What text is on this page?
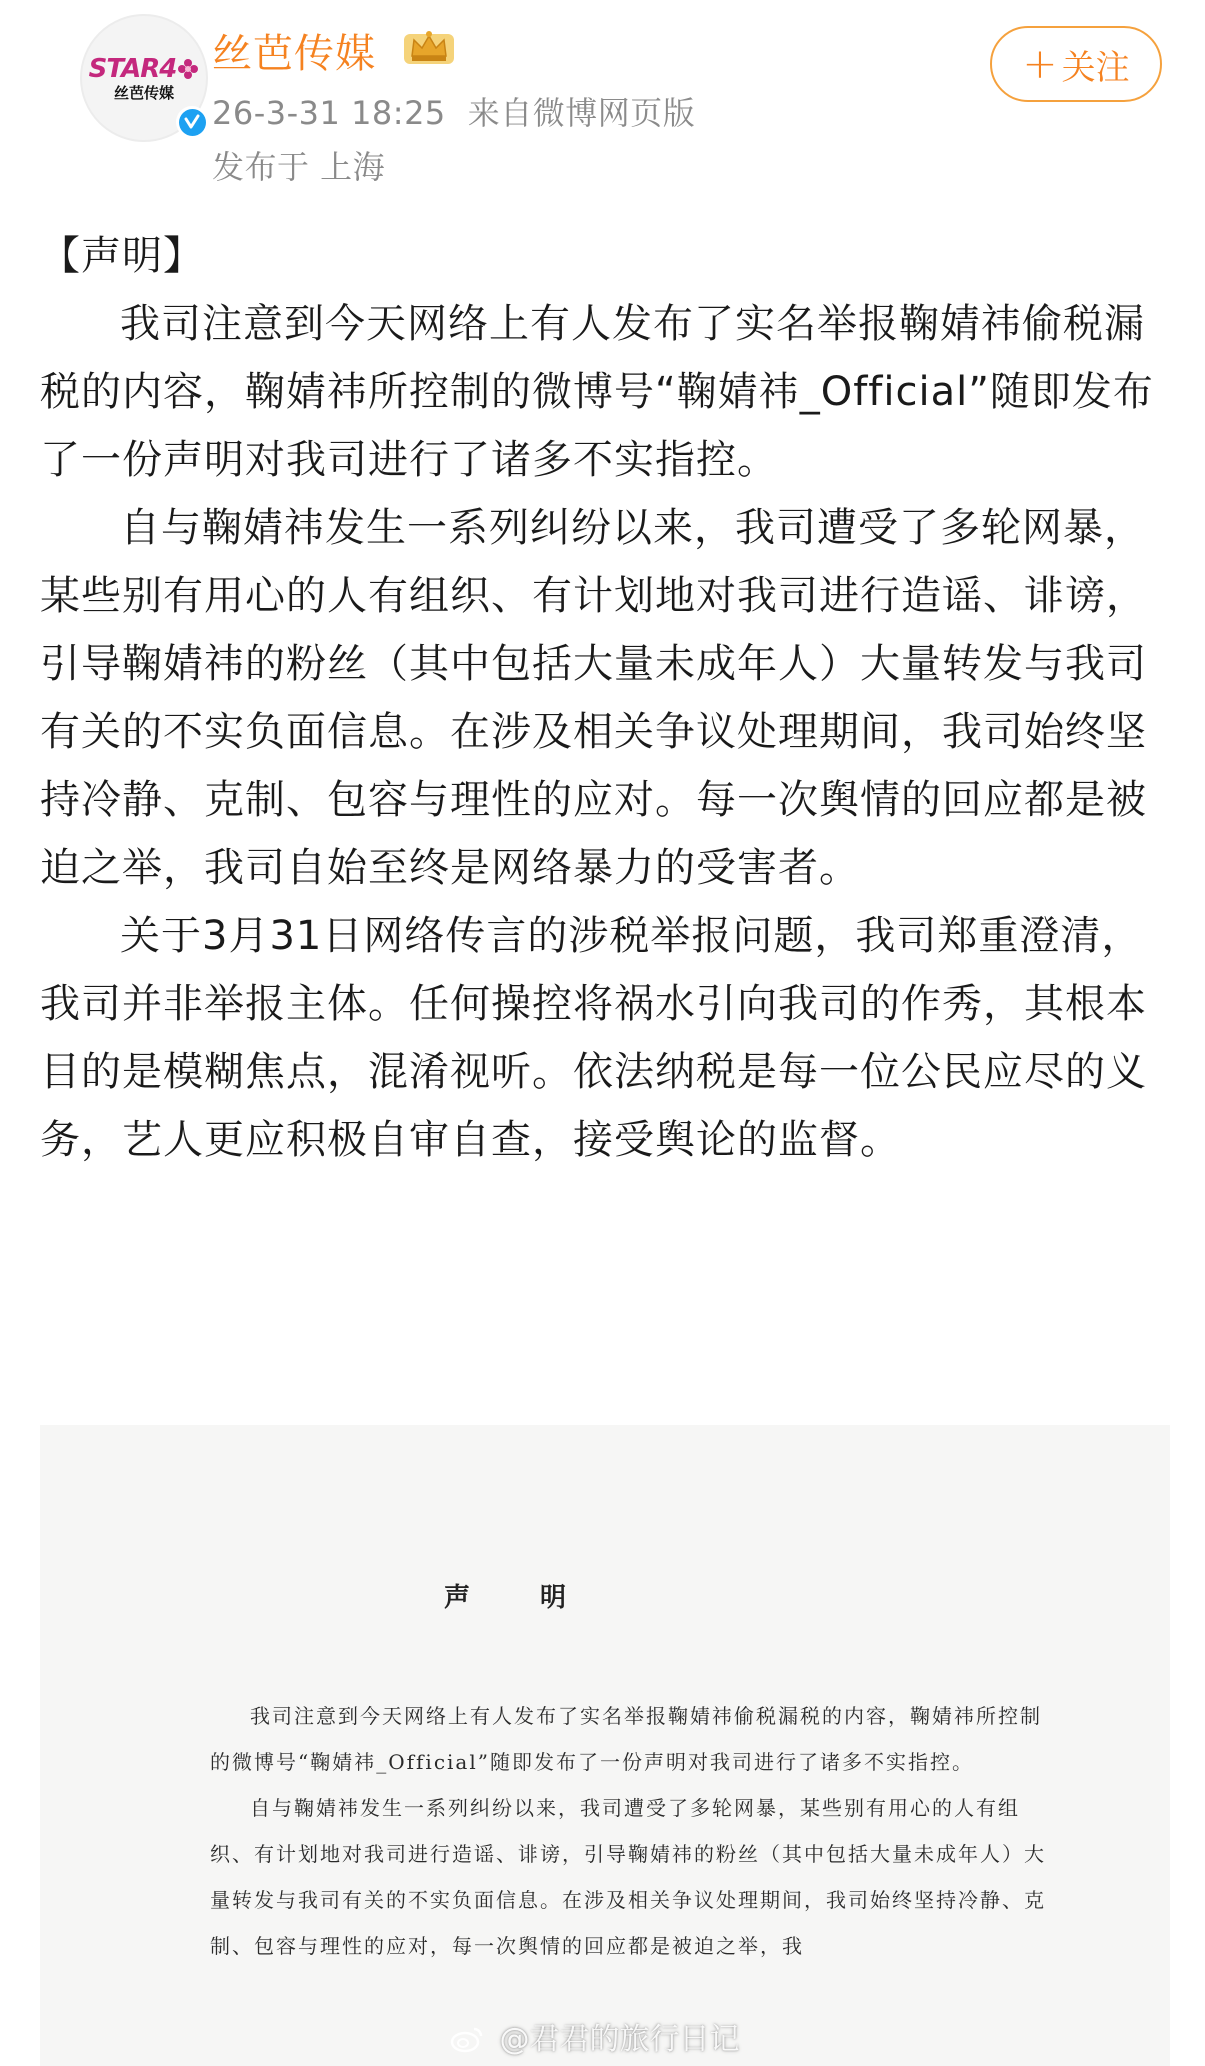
STAR4
丝芭传媒
丝芭传媒
26-3-31 18:25 来自微博网页版
发布于 上海
+ 关注

【声明】

我司注意到今天网络上有人发布了实名举报鞠婧祎偷税漏税的内容，鞠婧祎所控制的微博号“鞠婧祎_Official”随即发布了一份声明对我司进行了诸多不实指控。

自与鞠婧祎发生一系列纠纷以来，我司遭受了多轮网暴，某些别有用心的人有组织、有计划地对我司进行造谣、诽谤，引导鞠婧祎的粉丝（其中包括大量未成年人）大量转发与我司有关的不实负面信息。在涉及相关争议处理期间，我司始终坚持冷静、克制、包容与理性的应对。每一次舆情的回应都是被迫之举，我司自始至终是网络暴力的受害者。

关于3月31日网络传言的涉税举报问题，我司郑重澄清，我司并非举报主体。任何操控将祸水引向我司的作秀，其根本目的是模糊焦点，混淆视听。依法纳税是每一位公民应尽的义务，艺人更应积极自审自查，接受舆论的监督。

声明

我司注意到今天网络上有人发布了实名举报鞠婧祎偷税漏税的内容，鞠婧祎所控制的微博号“鞠婧祎_Official”随即发布了一份声明对我司进行了诸多不实指控。

自与鞠婧祎发生一系列纠纷以来，我司遭受了多轮网暴，某些别有用心的人有组织、有计划地对我司进行造谣、诽谤，引导鞠婧祎的粉丝（其中包括大量未成年人）大量转发与我司有关的不实负面信息。在涉及相关争议处理期间，我司始终坚持冷静、克制、包容与理性的应对，每一次舆情的回应都是被迫之举，我

@君君的旅行日记
